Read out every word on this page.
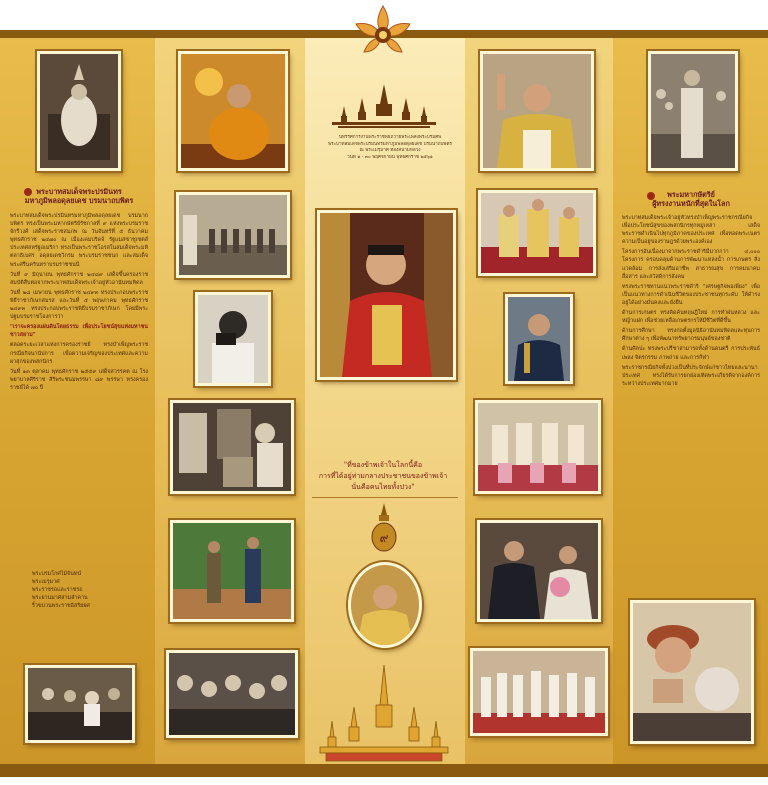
นิทรรศการงานพระราชพิธีถวายพระเพลิงพระบรมศพ
พระบาทสมเด็จพระปรมินทรมหาภูมิพลอดุลยเดช บรมนาถบพิตร
ณ พระเมรุมาศ ท้องสนามหลวง
วันที่ ๑ - ๓๐ พฤศจิกายน พุทธศักราช ๒๕๖๑
พระบาทสมเด็จพระปรมินทร
มหาภูมิพลอดุลยเดช บรมนาถบพิตร

พระบาทสมเด็จพระปรมินทรมหาภูมิพลอดุลยเดช บรมนาถบพิตร ทรงเป็นพระมหากษัตริย์รัชกาลที่ ๙ แห่งพระบรมราชจักรีวงศ์ เสด็จพระราชสมภพ ณ วันจันทร์ที่ ๕ ธันวาคม พุทธศักราช ๒๔๗๐ ณ เมืองเคมบริดจ์ รัฐแมสซาชูเซตส์ ประเทศสหรัฐอเมริกา ทรงเป็นพระราชโอรสในสมเด็จพระมหิตลาธิเบศร อดุลยเดชวิกรม พระบรมราชชนก และสมเด็จพระศรีนครินทราบรมราชชนนี

วันที่ ๙ มิถุนายน พุทธศักราช ๒๔๘๙ เสด็จขึ้นครองราชสมบัติสืบต่อจากพระบาทสมเด็จพระเจ้าอยู่หัวอานันทมหิดล

วันที่ ๒๘ เมษายน พุทธศักราช ๒๔๙๓ ทรงประกอบพระราชพิธีราชาภิเษกสมรส และวันที่ ๕ พฤษภาคม พุทธศักราช ๒๔๙๓ ทรงประกอบพระราชพิธีบรมราชาภิเษก โดยมีพระปฐมบรมราชโองการว่า

"เราจะครองแผ่นดินโดยธรรม เพื่อประโยชน์สุขแห่งมหาชนชาวสยาม"

ตลอดระยะเวลาแห่งการครองราชย์ ทรงบำเพ็ญพระราชกรณียกิจนานัปการ เพื่อความเจริญของประเทศและความผาสุกของพสกนิกร

วันที่ ๑๓ ตุลาคม พุทธศักราช ๒๕๕๙ เสด็จสวรรคต ณ โรงพยาบาลศิริราช สิริพระชนมพรรษา ๘๙ พรรษา ทรงครองราชย์ได้ ๗๐ ปี

พระบรมโกศไม้จันทน์
พระเมรุมาศ
พระราชรถและราชรถ
พระยานมาศสามลำคาน
ริ้วขบวนพระราชอิสริยยศ
พระมหากษัตริย์
ผู้ทรงงานหนักที่สุดในโลก

พระบาทสมเด็จพระเจ้าอยู่หัวทรงบำเพ็ญพระราชกรณียกิจเพื่อประโยชน์สุขของพสกนิกรทุกหมู่เหล่า เสด็จพระราชดำเนินไปทุกภูมิภาคของประเทศ เพื่อทอดพระเนตรความเป็นอยู่ของราษฎรด้วยพระองค์เอง

โครงการอันเนื่องมาจากพระราชดำริมีมากกว่า ๔,๐๐๐ โครงการ ครอบคลุมด้านการพัฒนาแหล่งน้ำ การเกษตร สิ่งแวดล้อม การส่งเสริมอาชีพ สาธารณสุข การคมนาคมสื่อสาร และสวัสดิการสังคม

ทรงพระราชทานแนวพระราชดำริ "เศรษฐกิจพอเพียง" เพื่อเป็นแนวทางการดำเนินชีวิตของประชาชนทุกระดับ ให้ดำรงอยู่ได้อย่างมั่นคงและยั่งยืน

ด้านการเกษตร ทรงคิดค้นทฤษฎีใหม่ การทำฝนหลวง และหญ้าแฝก เพื่อช่วยเหลือเกษตรกรให้มีชีวิตที่ดีขึ้น

ด้านการศึกษา ทรงก่อตั้งมูลนิธิอานันทมหิดลและทุนการศึกษาต่าง ๆ เพื่อพัฒนาทรัพยากรมนุษย์ของชาติ

ด้านศิลปะ ทรงพระปรีชาสามารถทั้งด้านดนตรี การประพันธ์เพลง จิตรกรรม ภาพถ่าย และการกีฬา

พระราชกรณียกิจทั้งปวงเป็นที่ประจักษ์แก่ชาวไทยและนานาประเทศ ทรงได้รับการยกย่องเทิดพระเกียรติจากองค์การระหว่างประเทศมากมาย

"ที่ของข้าพเจ้าในโลกนี้คือ
การที่ได้อยู่ท่ามกลางประชาชนของข้าพเจ้า
นั่นคือคนไทยทั้งปวง"
๙
